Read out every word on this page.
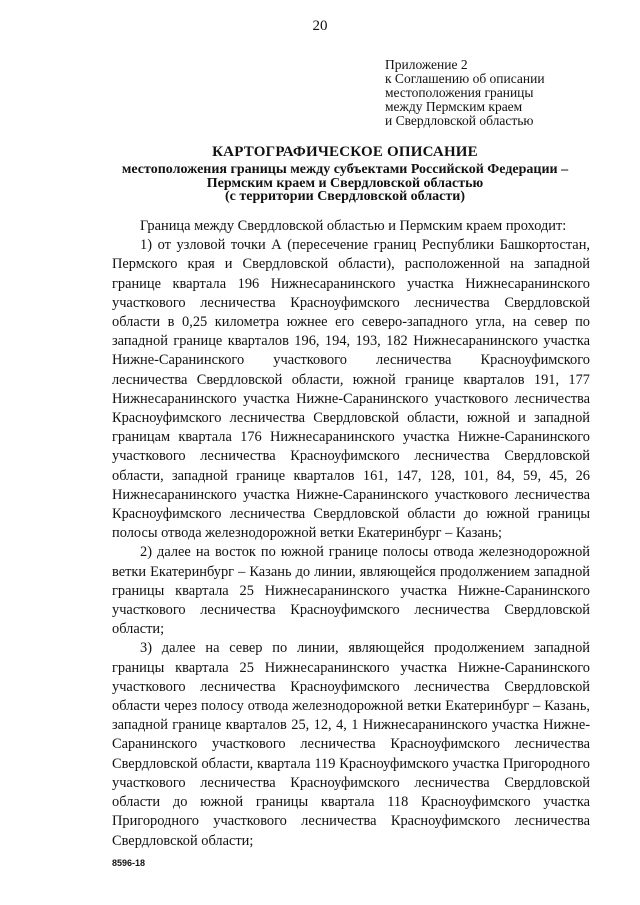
20
Приложение 2
к Соглашению об описании
местоположения границы
между Пермским краем
и Свердловской областью
КАРТОГРАФИЧЕСКОЕ ОПИСАНИЕ
местоположения границы между субъектами Российской Федерации –
Пермским краем и Свердловской областью
(с территории Свердловской области)

Граница между Свердловской областью и Пермским краем проходит:

1) от узловой точки А (пересечение границ Республики Башкортостан, Пермского края и Свердловской области), расположенной на западной границе квартала 196 Нижнесаранинского участка Нижнесаранинского участкового лесничества Красноуфимского лесничества Свердловской области в 0,25 километра южнее его северо-западного угла, на север по западной границе кварталов 196, 194, 193, 182 Нижнесаранинского участка Нижне-Саранинского участкового лесничества Красноуфимского лесничества Свердловской области, южной границе кварталов 191, 177 Нижнесаранинского участка Нижне-Саранинского участкового лесничества Красноуфимского лесничества Свердловской области, южной и западной границам квартала 176 Нижнесаранинского участка Нижне-Саранинского участкового лесничества Красноуфимского лесничества Свердловской области, западной границе кварталов 161, 147, 128, 101, 84, 59, 45, 26 Нижнесаранинского участка Нижне-Саранинского участкового лесничества Красноуфимского лесничества Свердловской области до южной границы полосы отвода железнодорожной ветки Екатеринбург – Казань;

2) далее на восток по южной границе полосы отвода железнодорожной ветки Екатеринбург – Казань до линии, являющейся продолжением западной границы квартала 25 Нижнесаранинского участка Нижне-Саранинского участкового лесничества Красноуфимского лесничества Свердловской области;

3) далее на север по линии, являющейся продолжением западной границы квартала 25 Нижнесаранинского участка Нижне-Саранинского участкового лесничества Красноуфимского лесничества Свердловской области через полосу отвода железнодорожной ветки Екатеринбург – Казань, западной границе кварталов 25, 12, 4, 1 Нижнесаранинского участка Нижне-Саранинского участкового лесничества Красноуфимского лесничества Свердловской области, квартала 119 Красноуфимского участка Пригородного участкового лесничества Красноуфимского лесничества Свердловской области до южной границы квартала 118 Красноуфимского участка Пригородного участкового лесничества Красноуфимского лесничества Свердловской области;

8596-18
